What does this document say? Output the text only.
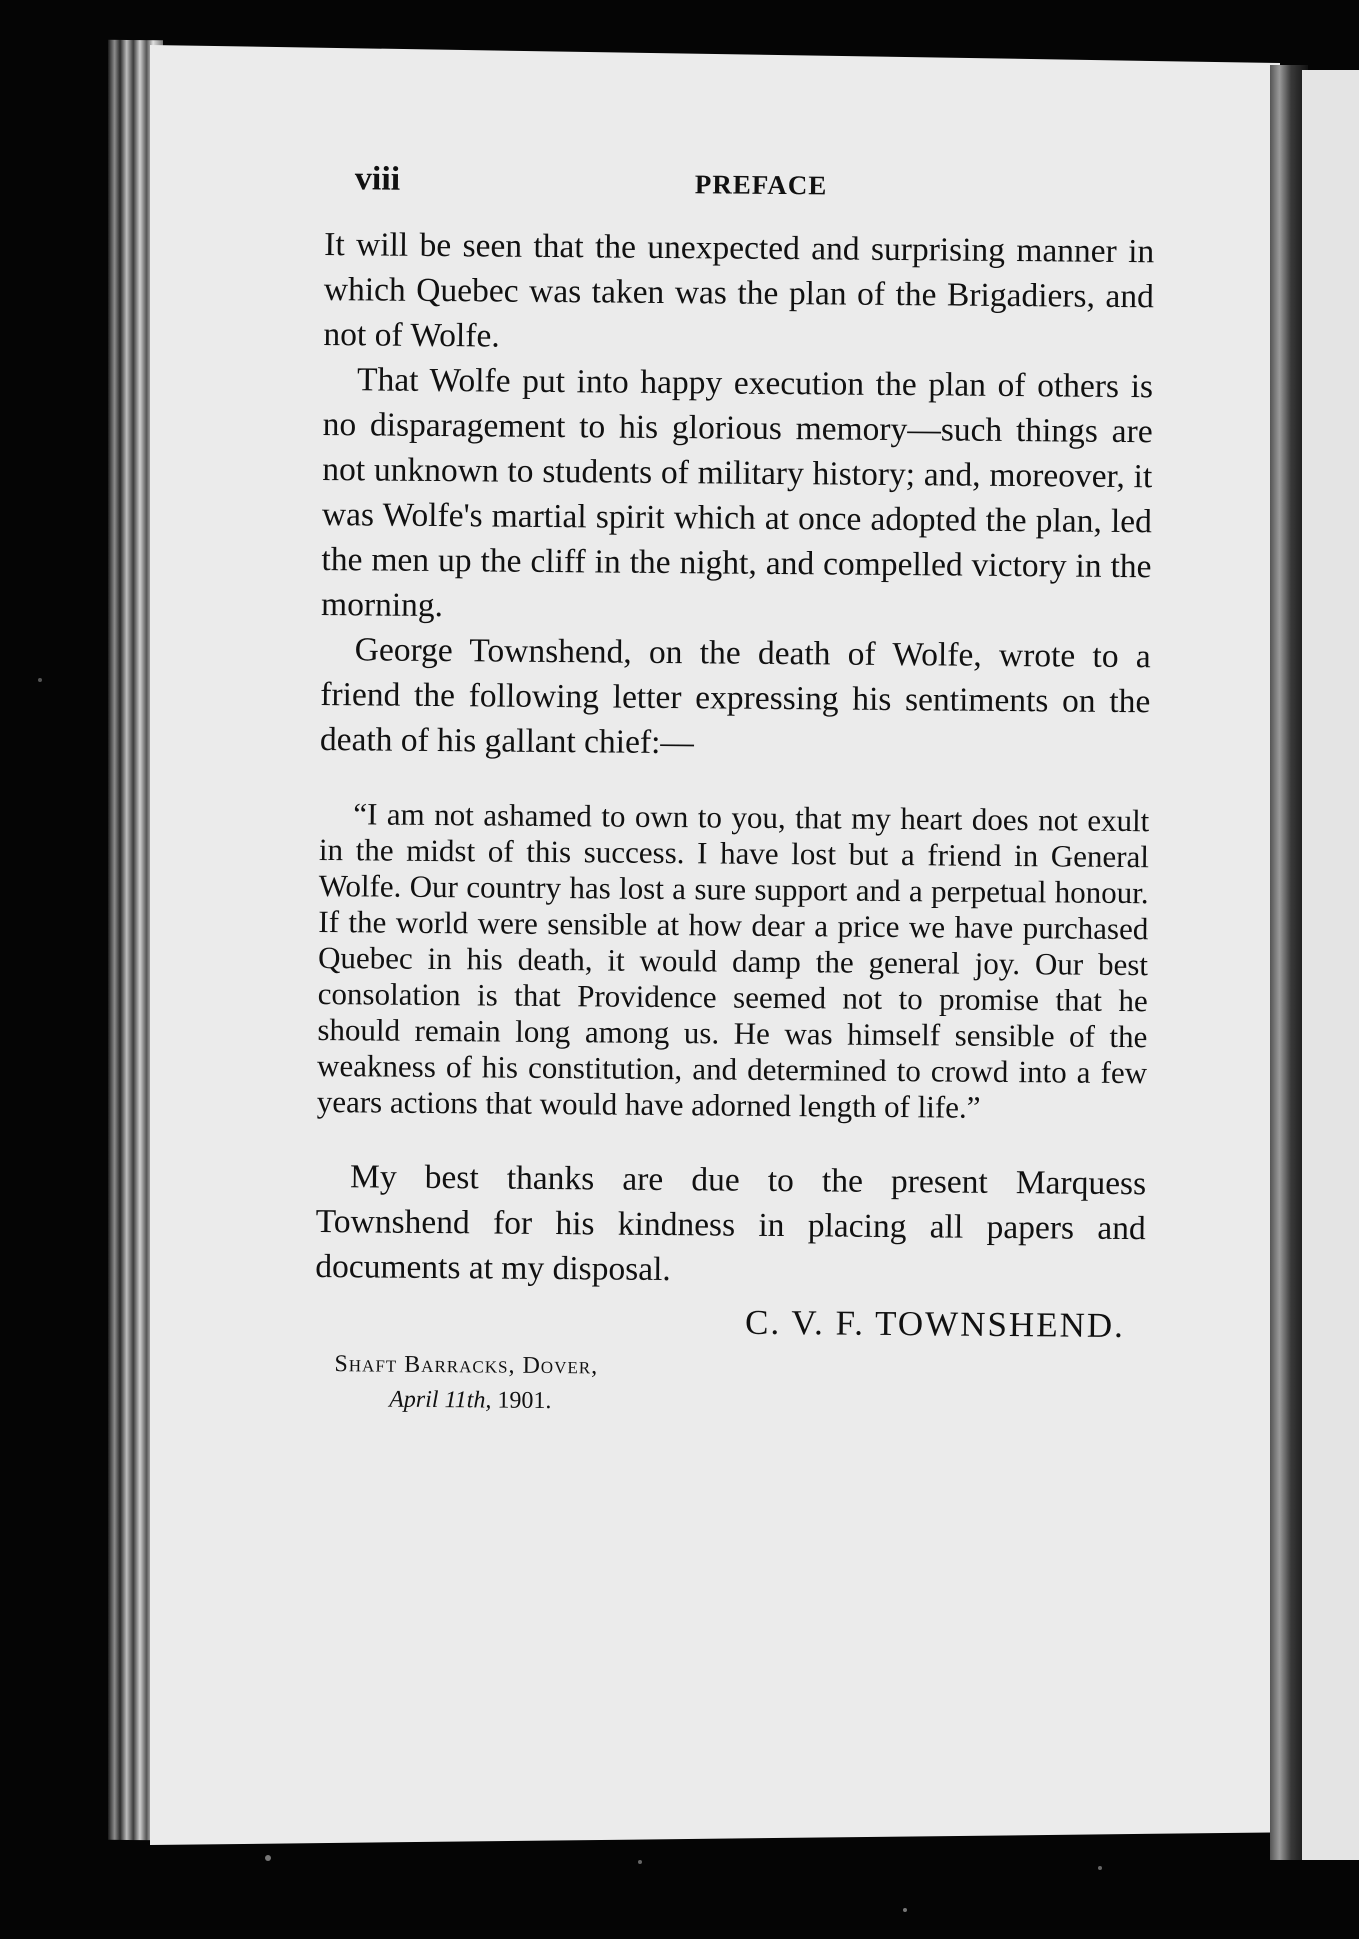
viii	PREFACE

It will be seen that the unexpected and surprising manner in which Quebec was taken was the plan of the Brigadiers, and not of Wolfe.

That Wolfe put into happy execution the plan of others is no disparagement to his glorious memory—such things are not unknown to students of military history; and, moreover, it was Wolfe's martial spirit which at once adopted the plan, led the men up the cliff in the night, and compelled victory in the morning.

George Townshend, on the death of Wolfe, wrote to a friend the following letter expressing his sentiments on the death of his gallant chief:—

“I am not ashamed to own to you, that my heart does not exult in the midst of this success. I have lost but a friend in General Wolfe. Our country has lost a sure support and a perpetual honour. If the world were sensible at how dear a price we have purchased Quebec in his death, it would damp the general joy. Our best consolation is that Providence seemed not to promise that he should remain long among us. He was himself sensible of the weakness of his constitution, and determined to crowd into a few years actions that would have adorned length of life.”

My best thanks are due to the present Marquess Townshend for his kindness in placing all papers and documents at my disposal.

C. V. F. TOWNSHEND.

Shaft Barracks, Dover,

April 11th, 1901.
